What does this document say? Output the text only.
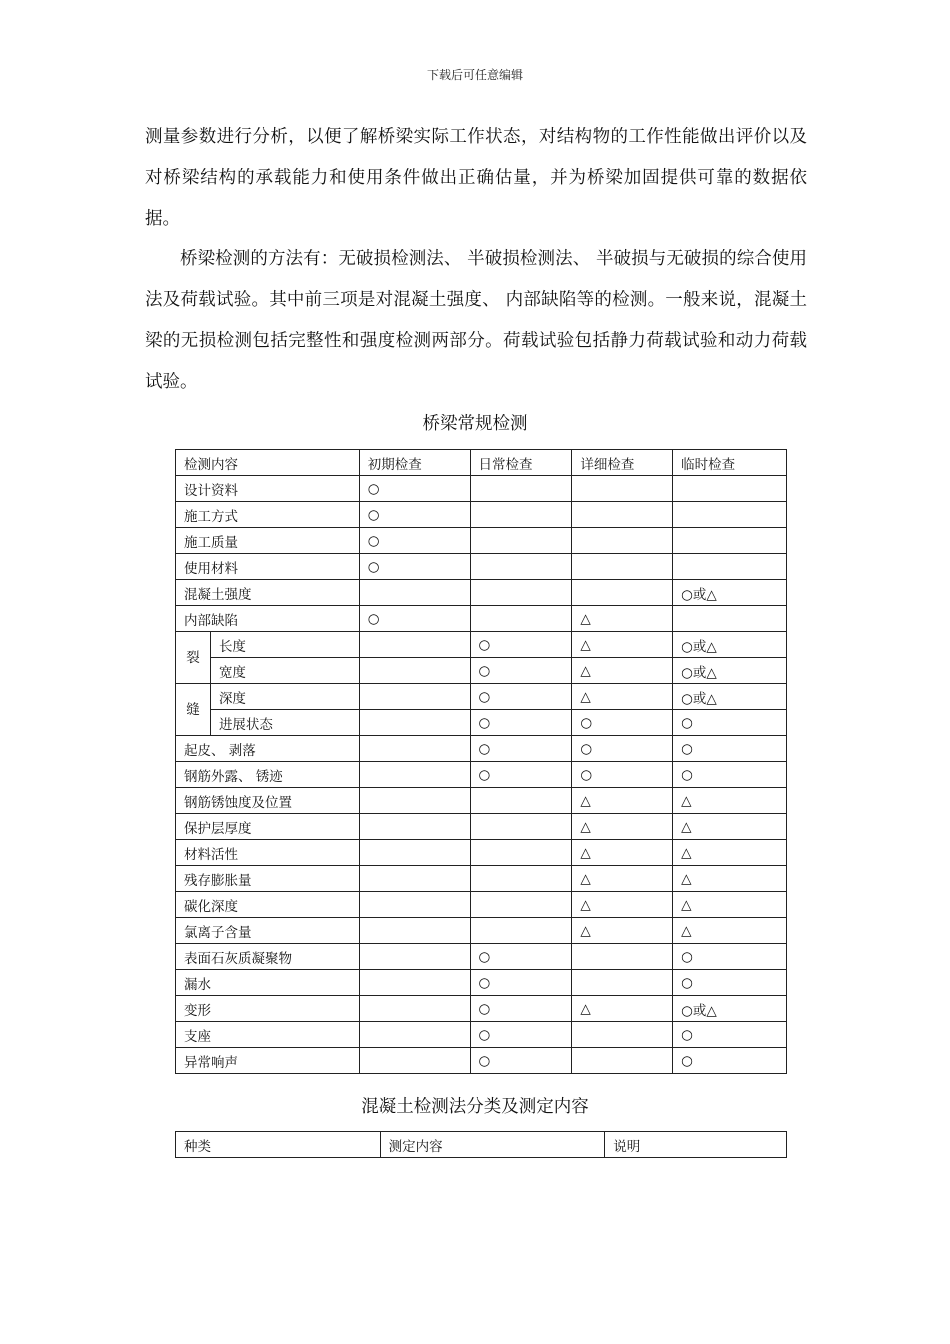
下载后可任意编辑

测量参数进行分析，以便了解桥梁实际工作状态，对结构物的工作性能做出评价以及对桥梁结构的承载能力和使用条件做出正确估量，并为桥梁加固提供可靠的数据依据。

桥梁检测的方法有：无破损检测法、 半破损检测法、 半破损与无破损的综合使用法及荷载试验。其中前三项是对混凝土强度、 内部缺陷等的检测。一般来说，混凝土梁的无损检测包括完整性和强度检测两部分。荷载试验包括静力荷载试验和动力荷载试验。

桥梁常规检测
检测内容		初期检查	日常检查	详细检查	临时检查
设计资料		○			
施工方式		○			
施工质量		○			
使用材料		○			
混凝土强度					○或△
内部缺陷		○		△	
裂	长度		○	△	○或△
	宽度		○	△	○或△
缝	深度		○	△	○或△
	进展状态		○	○	○
起皮、 剥落			○	○	○
钢筋外露、 锈迹			○	○	○
钢筋锈蚀度及位置				△	△
保护层厚度				△	△
材料活性				△	△
残存膨胀量				△	△
碳化深度				△	△
氯离子含量				△	△
表面石灰质凝聚物			○		○
漏水			○		○
变形			○	△	○或△
支座			○		○
异常响声			○		○
混凝土检测法分类及测定内容
种类	测定内容	说明
